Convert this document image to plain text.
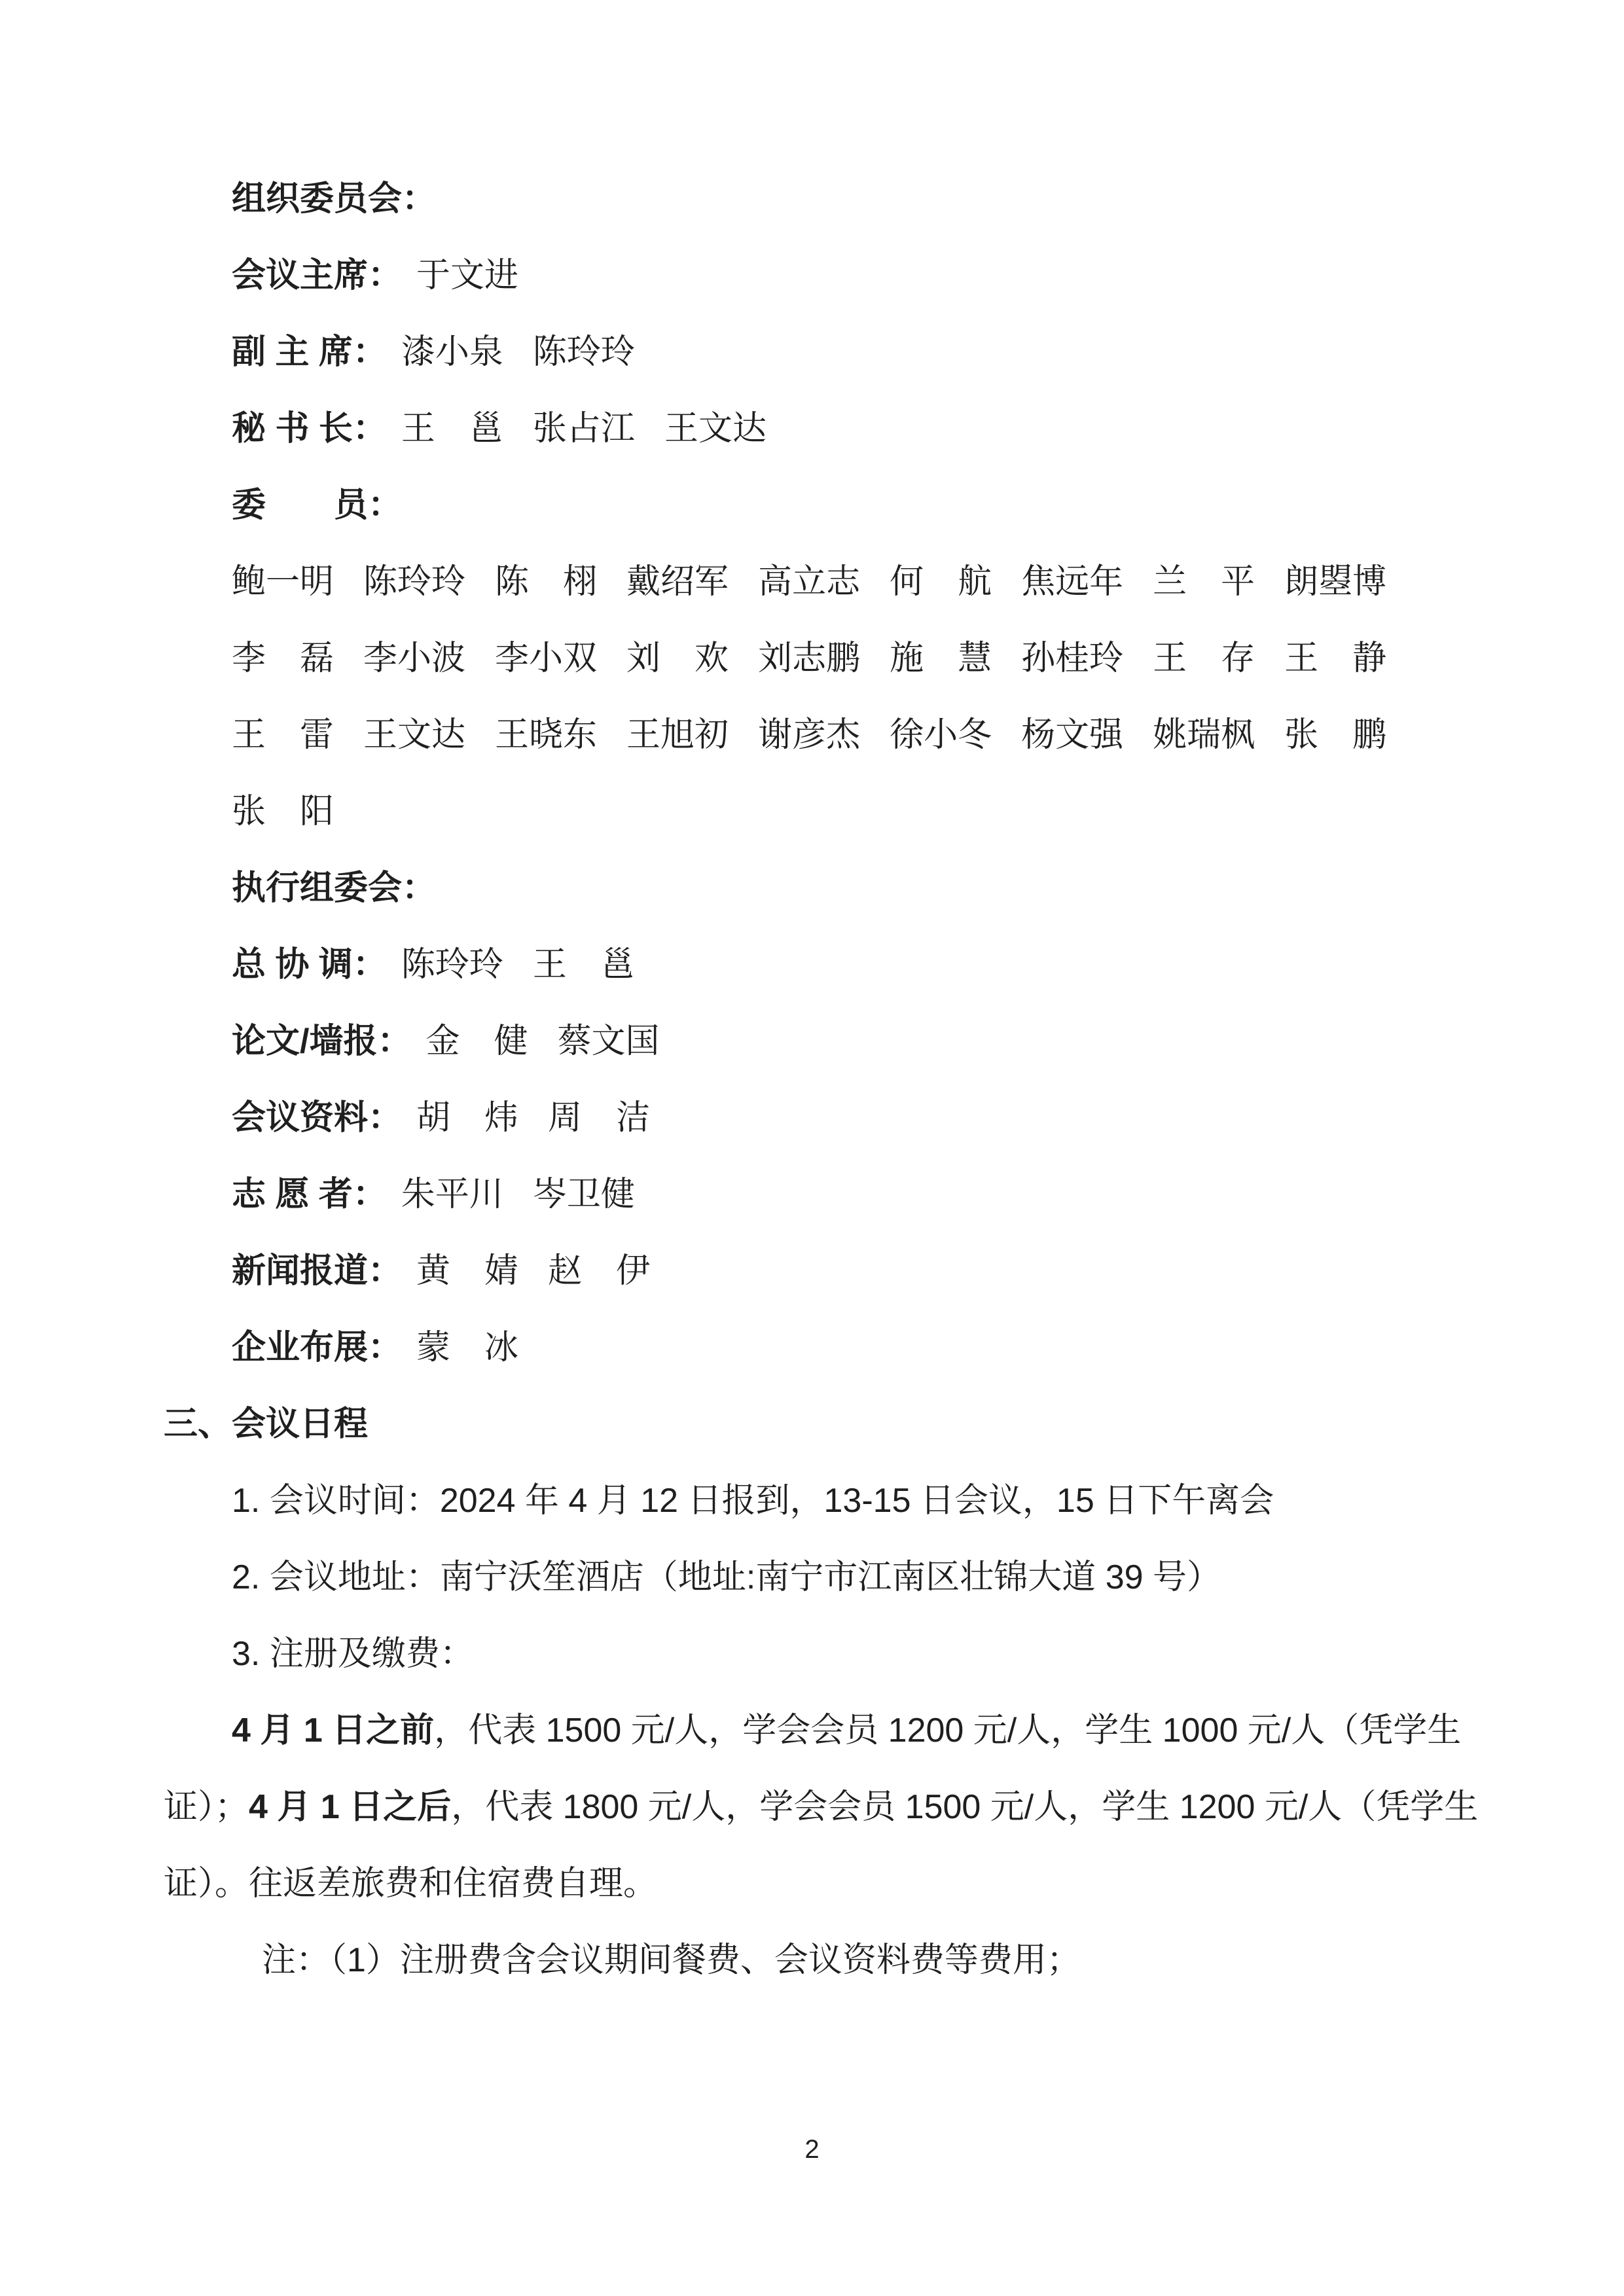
组织委员会：
会议主席： 于文进
副 主 席： 漆小泉 陈玲玲
秘 书 长： 王　邕 张占江 王文达
委　　员：
鲍一明 陈玲玲 陈　栩 戴绍军 高立志 何　航 焦远年 兰　平 朗曌博
李　磊 李小波 李小双 刘　欢 刘志鹏 施　慧 孙桂玲 王　存 王　静
王　雷 王文达 王晓东 王旭初 谢彦杰 徐小冬 杨文强 姚瑞枫 张　鹏
张　阳
执行组委会：
总 协 调： 陈玲玲 王　邕
论文/墙报： 金　健 蔡文国
会议资料： 胡　炜 周　洁
志 愿 者： 朱平川 岑卫健
新闻报道： 黄　婧 赵　伊
企业布展： 蒙　冰
三、会议日程
1. 会议时间：2024 年 4 月 12 日报到，13-15 日会议，15 日下午离会
2. 会议地址：南宁沃笙酒店（地址:南宁市江南区壮锦大道 39 号）
3. 注册及缴费：
4 月 1 日之前 ，代表 1500 元/人，学会会员 1200 元/人，学生 1000 元/人（凭学生
证）； 4 月 1 日之后 ，代表 1800 元/人，学会会员 1500 元/人，学生 1200 元/人（凭学生
证）。往返差旅费和住宿费自理。
注：（1）注册费含会议期间餐费、会议资料费等费用；
2
